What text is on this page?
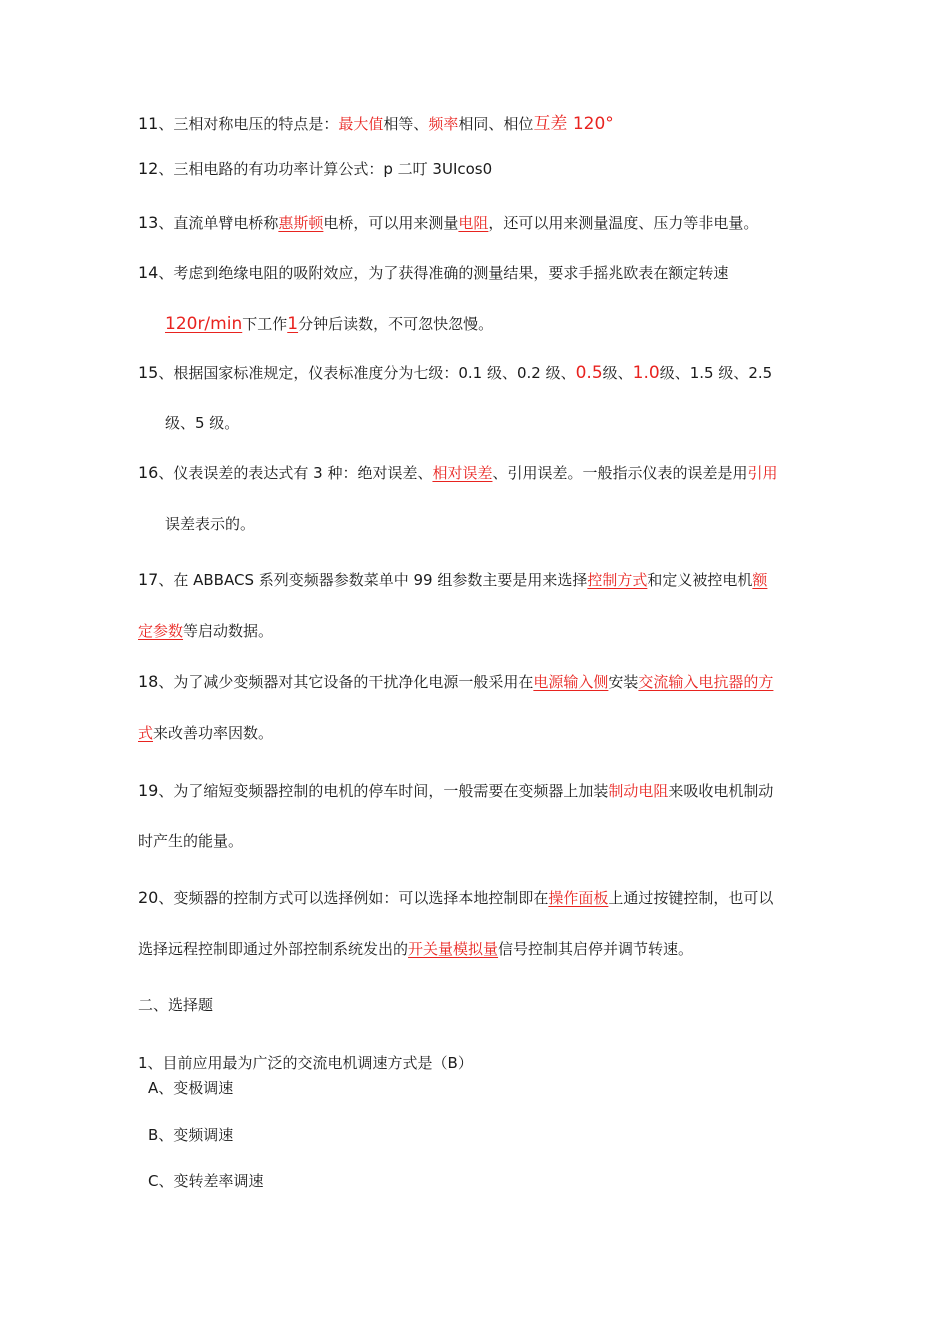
11、三相对称电压的特点是：最大值相等、频率相同、相位互差 120°
12、三相电路的有功功率计算公式：p 二叮 3UIcos0
13、直流单臂电桥称惠斯顿电桥，可以用来测量电阻，还可以用来测量温度、压力等非电量。
14、考虑到绝缘电阻的吸附效应，为了获得准确的测量结果，要求手摇兆欧表在额定转速
120r/min下工作1分钟后读数，不可忽快忽慢。
15、根据国家标准规定，仪表标准度分为七级：0.1 级、0.2 级、0.5级、1.0级、1.5 级、2.5
级、5 级。
16、仪表误差的表达式有 3 种：绝对误差、相对误差、引用误差。一般指示仪表的误差是用引用
误差表示的。
17、在 ABBACS 系列变频器参数菜单中 99 组参数主要是用来选择控制方式和定义被控电机额
定参数等启动数据。
18、为了减少变频器对其它设备的干扰净化电源一般采用在电源输入侧安装交流输入电抗器的方
式来改善功率因数。
19、为了缩短变频器控制的电机的停车时间，一般需要在变频器上加装制动电阻来吸收电机制动
时产生的能量。
20、变频器的控制方式可以选择例如：可以选择本地控制即在操作面板上通过按键控制，也可以
选择远程控制即通过外部控制系统发出的开关量模拟量信号控制其启停并调节转速。
二、选择题
1、目前应用最为广泛的交流电机调速方式是（B）
A、变极调速
B、变频调速
C、变转差率调速
